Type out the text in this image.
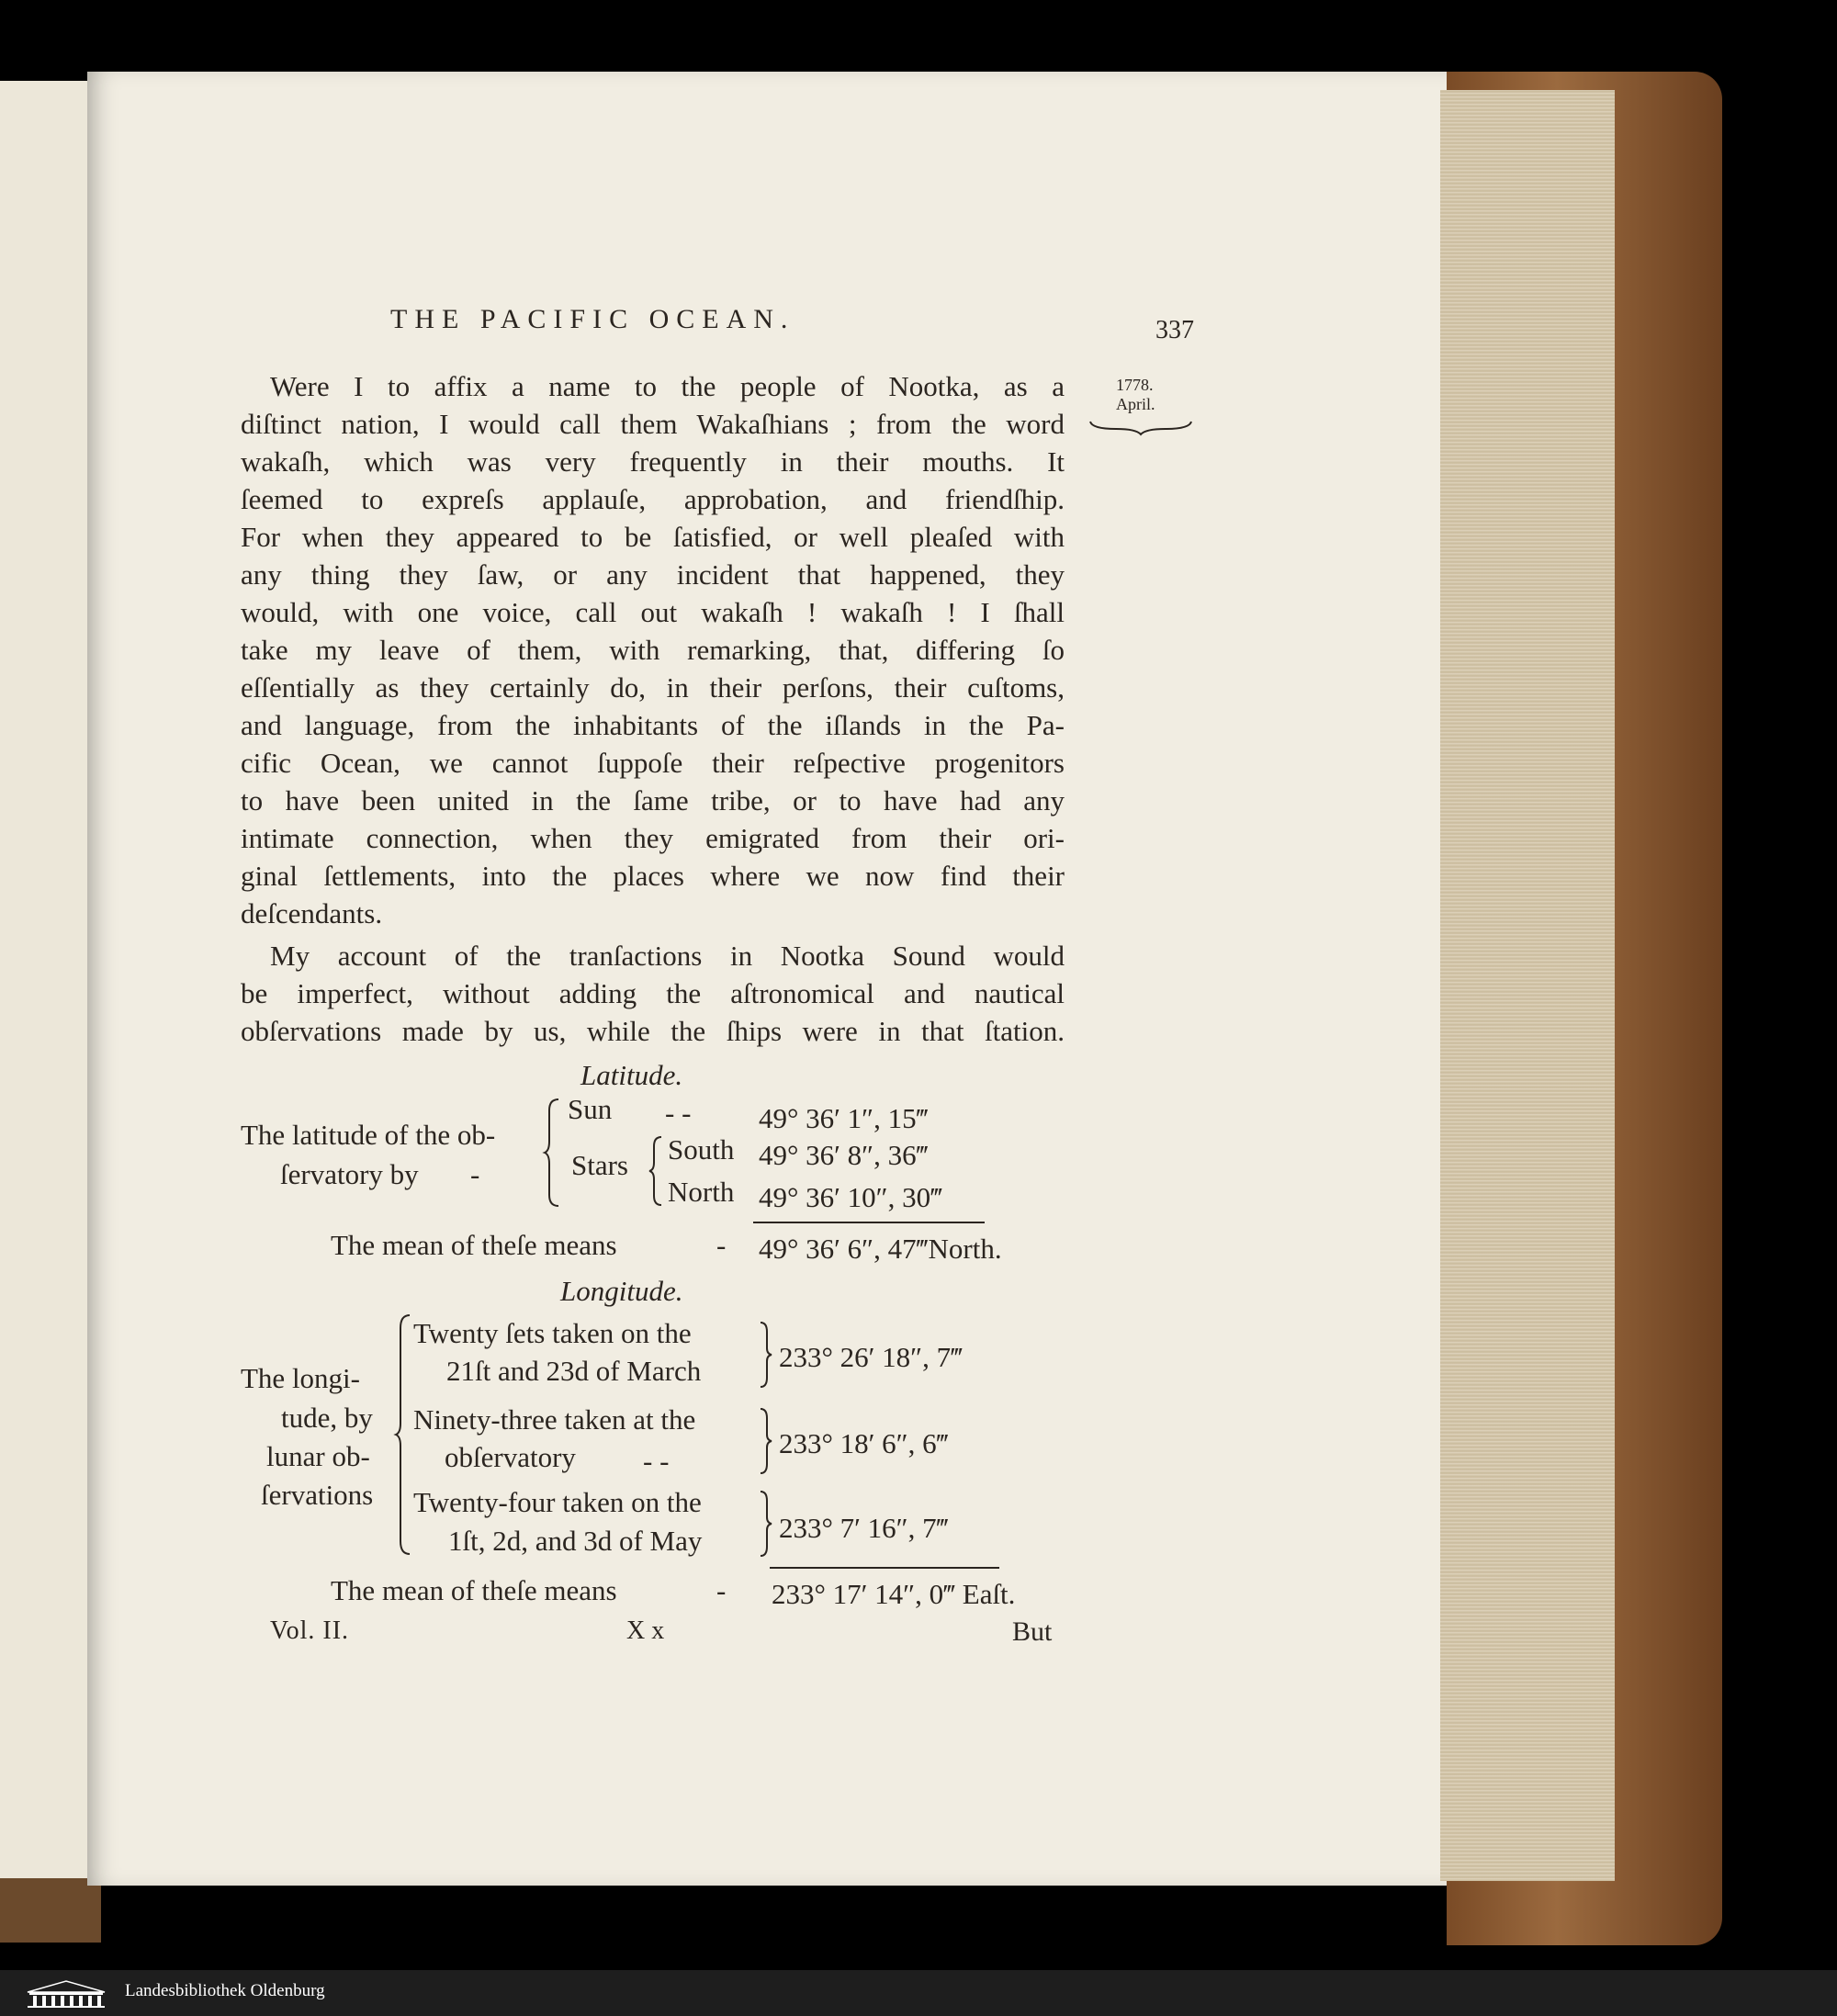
THE PACIFIC OCEAN.	337
1778.
April.
Were I to affix a name to the people of Nootka, as a
diſtinct nation, I would call them Wakaſhians ; from the word
wakaſh, which was very frequently in their mouths. It
ſeemed to expreſs applauſe, approbation, and friendſhip.
For when they appeared to be ſatisfied, or well pleaſed with
any thing they ſaw, or any incident that happened, they
would, with one voice, call out wakaſh ! wakaſh ! I ſhall
take my leave of them, with remarking, that, differing ſo
eſſentially as they certainly do, in their perſons, their cuſtoms,
and language, from the inhabitants of the iſlands in the Pa-
cific Ocean, we cannot ſuppoſe their reſpective progenitors
to have been united in the ſame tribe, or to have had any
intimate connection, when they emigrated from their ori-
ginal ſettlements, into the places where we now find their
deſcendants.
My account of the tranſactions in Nootka Sound would
be imperfect, without adding the aſtronomical and nautical
obſervations made by us, while the ſhips were in that ſtation.
Latitude.
The latitude of the ob-
ſervatory by -
Sun - - 49° 36′ 1″, 15‴
Stars South 49° 36′ 8″, 36‴
North 49° 36′ 10″, 30‴
The mean of theſe means	- 49° 36′ 6″, 47‴North.
Longitude.
The longi-
tude, by
lunar ob-
ſervations
Twenty ſets taken on the
21ſt and 23d of March	233° 26′ 18″, 7‴
Ninety-three taken at the
obſervatory - -
233° 18′ 6″, 6‴
Twenty-four taken on the
1ſt, 2d, and 3d of May	233° 7′ 16″, 7‴
The mean of theſe means	- 233° 17′ 14″, 0‴ Eaſt.
Vol. II.	X x	But
Landesbibliothek Oldenburg
